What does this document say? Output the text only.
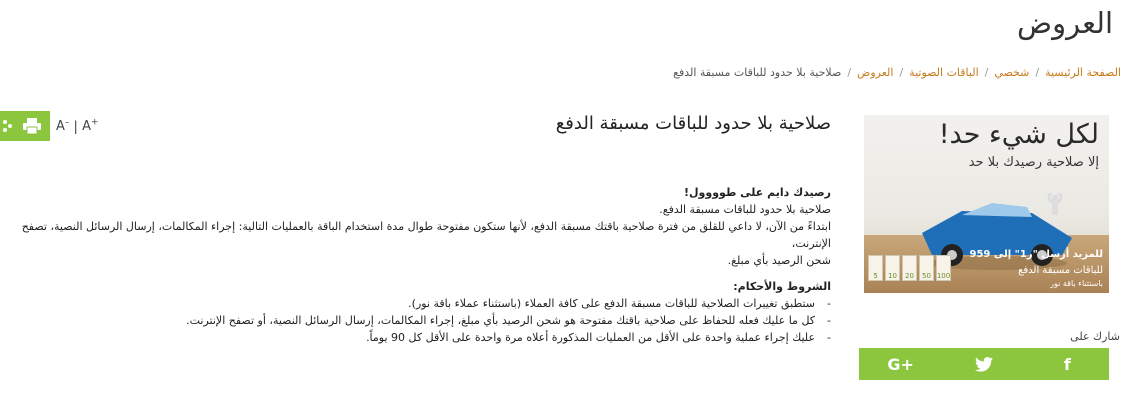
العروض
الصفحة الرئيسية/شخصي/الباقات الصوتية/العروض/صلاحية بلا حدود للباقات مسبقة الدفع
A– | A+	لكل شيء حد!
إلا صلاحية رصيدك بلا حد
للمزيد أرسل "ر1" إلى 959
للباقات مسبقة الدفع
باستثناء باقة نور
100
50
20
10
5
صلاحية بلا حدود للباقات مسبقة الدفع

رصيدك دايم على طوووول!

صلاحية بلا حدود للباقات مسبقة الدفع.

ابتداءً من الآن، لا داعي للقلق من فترة صلاحية باقتك مسبقة الدفع، لأنها ستكون مفتوحة طوال مدة استخدام الباقة بالعمليات التالية: إجراء المكالمات، إرسال الرسائل النصية، تصفح الإنترنت،

شحن الرصيد بأي مبلغ.

الشروط والأحكام:

- ستطبق تغييرات الصلاحية للباقات مسبقة الدفع على كافة العملاء (باستثناء عملاء باقة نور).
- كل ما عليك فعله للحفاظ على صلاحية باقتك مفتوحة هو شحن الرصيد بأي مبلغ، إجراء المكالمات، إرسال الرسائل النصية، أو تصفح الإنترنت.
- عليك إجراء عملية واحدة على الأقل من العمليات المذكورة أعلاه مرة واحدة على الأقل كل 90 يوماً.	شارك على
G+	f
